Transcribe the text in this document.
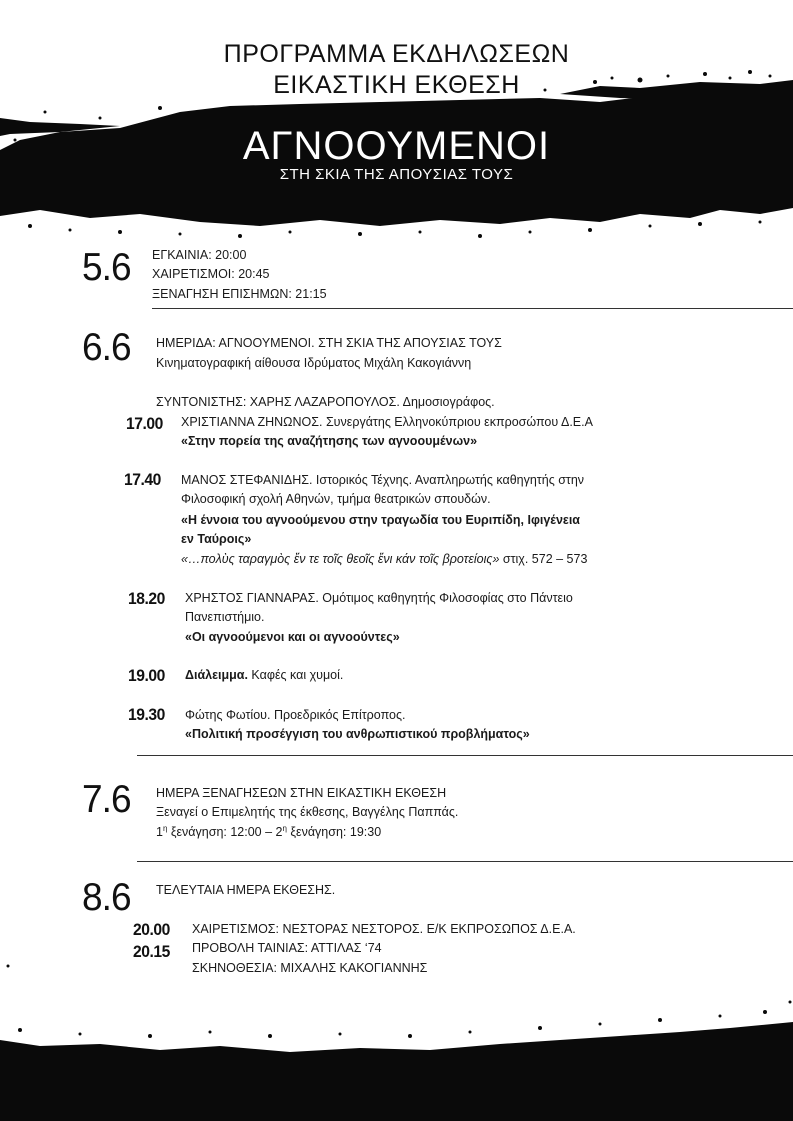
ΠΡΟΓΡΑΜΜΑ ΕΚΔΗΛΩΣΕΩΝ
ΕΙΚΑΣΤΙΚΗ ΕΚΘΕΣΗ
ΑΓΝΟΟΥΜΕΝΟΙ
ΣΤΗ ΣΚΙΑ ΤΗΣ ΑΠΟΥΣΙΑΣ ΤΟΥΣ
5.6 ΕΓΚΑΙΝΙΑ: 20:00
ΧΑΙΡΕΤΙΣΜΟΙ: 20:45
ΞΕΝΑΓΗΣΗ ΕΠΙΣΗΜΩΝ: 21:15
6.6 ΗΜΕΡΙΔΑ: ΑΓΝΟΟΥΜΕΝΟΙ. ΣΤΗ ΣΚΙΑ ΤΗΣ ΑΠΟΥΣΙΑΣ ΤΟΥΣ
Κινηματογραφική αίθουσα Ιδρύματος Μιχάλη Κακογιάννη
ΣΥΝΤΟΝΙΣΤΗΣ: ΧΑΡΗΣ ΛΑΖΑΡΟΠΟΥΛΟΣ. Δημοσιογράφος.
17.00 ΧΡΙΣΤΙΑΝΝΑ ΖΗΝΩΝΟΣ. Συνεργάτης Ελληνοκύπριου εκπροσώπου Δ.Ε.Α
«Στην πορεία της αναζήτησης των αγνοουμένων»
17.40 ΜΑΝΟΣ ΣΤΕΦΑΝΙΔΗΣ. Ιστορικός Τέχνης. Αναπληρωτής καθηγητής στην
Φιλοσοφική σχολή Αθηνών, τμήμα θεατρικών σπουδών.
«Η έννοια του αγνοούμενου στην τραγωδία του Ευριπίδη, Ιφιγένεια
εν Ταύροις»
«…πολὺς ταραγμὸς ἔν τε τοῖς θεοῖς ἔνι κάν τοῖς βροτείοις» στιχ. 572 – 573
18.20 ΧΡΗΣΤΟΣ ΓΙΑΝΝΑΡΑΣ. Ομότιμος καθηγητής Φιλοσοφίας στο Πάντειο
Πανεπιστήμιο.
«Οι αγνοούμενοι και οι αγνοούντες»
19.00 Διάλειμμα. Καφές και χυμοί.
19.30 Φώτης Φωτίου. Προεδρικός Επίτροπος.
«Πολιτική προσέγγιση του ανθρωπιστικού προβλήματος»
7.6 ΗΜΕΡΑ ΞΕΝΑΓΗΣΕΩΝ ΣΤΗΝ ΕΙΚΑΣΤΙΚΗ ΕΚΘΕΣΗ
Ξεναγεί ο Επιμελητής της έκθεσης, Βαγγέλης Παππάς.
$1^\eta$ ξενάγηση: 12:00 – $2^\eta$ ξενάγηση: 19:30
8.6 ΤΕΛΕΥΤΑΙΑ ΗΜΕΡΑ ΕΚΘΕΣΗΣ.
20.00
20.15
ΧΑΙΡΕΤΙΣΜΟΣ: ΝΕΣΤΟΡΑΣ ΝΕΣΤΟΡΟΣ. Ε/Κ ΕΚΠΡΟΣΩΠΟΣ Δ.Ε.Α.
ΠΡΟΒΟΛΗ ΤΑΙΝΙΑΣ: ΑΤΤΙΛΑΣ ‘74
ΣΚΗΝΟΘΕΣΙΑ: ΜΙΧΑΛΗΣ ΚΑΚΟΓΙΑΝΝΗΣ
